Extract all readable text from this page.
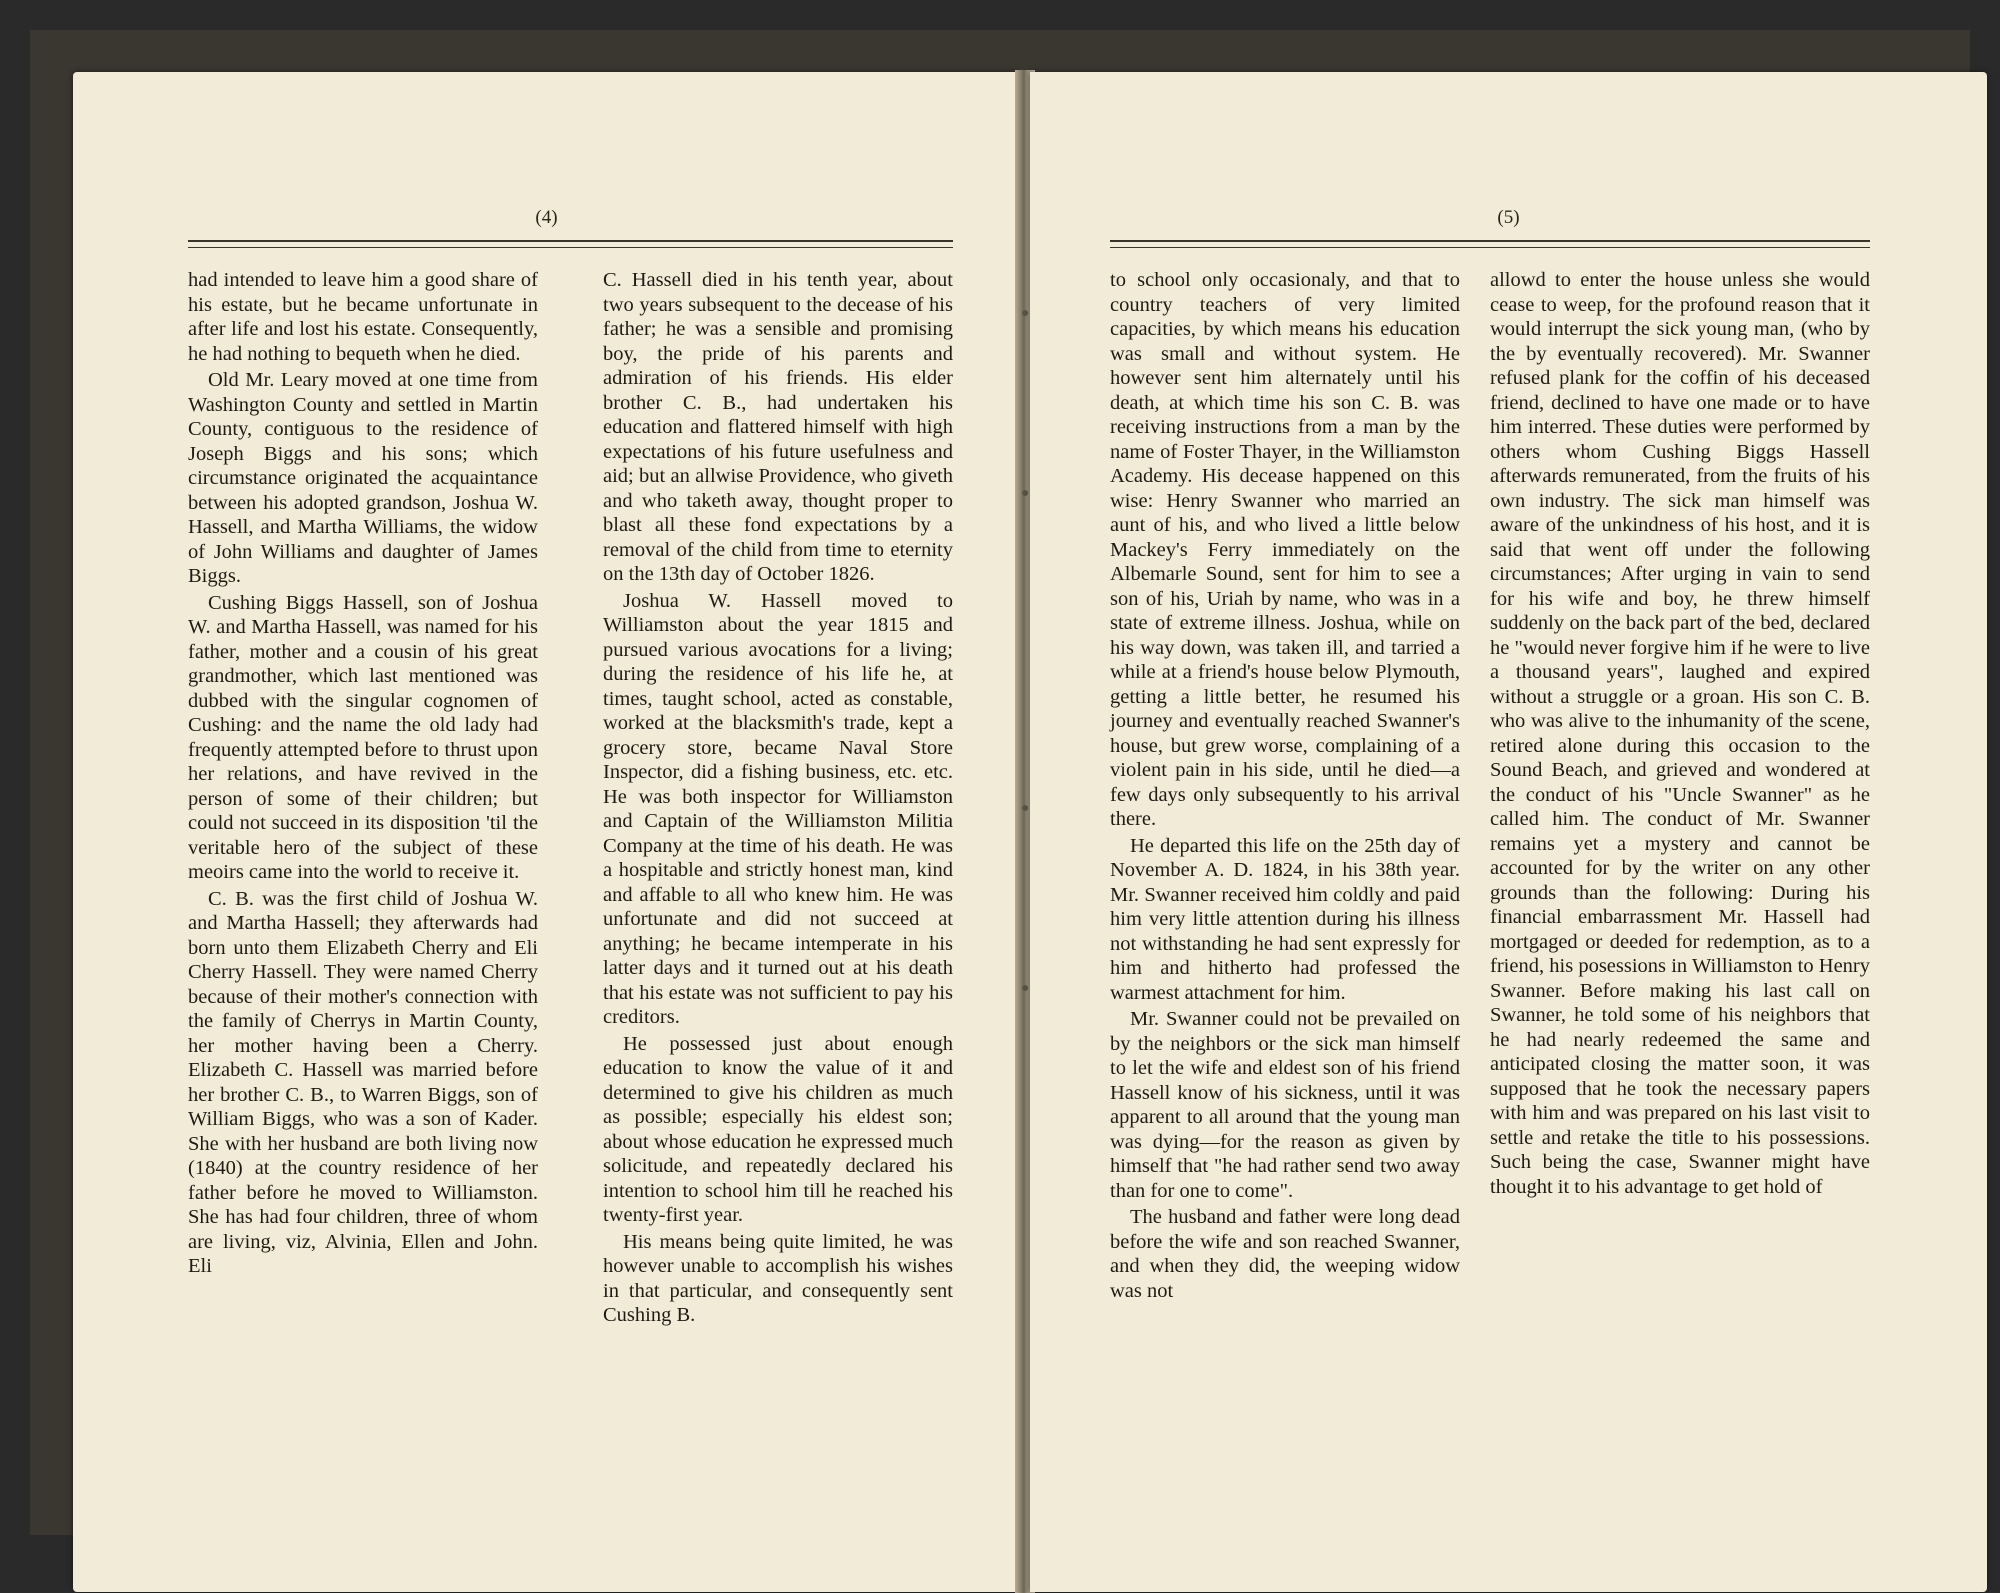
(4)

had intended to leave him a good share of his estate, but he became unfortunate in after life and lost his estate. Consequently, he had nothing to bequeth when he died.

Old Mr. Leary moved at one time from Washington County and settled in Martin County, contiguous to the residence of Joseph Biggs and his sons; which circumstance originated the acquaintance between his adopted grandson, Joshua W. Hassell, and Martha Williams, the widow of John Williams and daughter of James Biggs.

Cushing Biggs Hassell, son of Joshua W. and Martha Hassell, was named for his father, mother and a cousin of his great grandmother, which last mentioned was dubbed with the singular cognomen of Cushing: and the name the old lady had frequently attempted before to thrust upon her relations, and have revived in the person of some of their children; but could not succeed in its disposition 'til the veritable hero of the subject of these meoirs came into the world to receive it.

C. B. was the first child of Joshua W. and Martha Hassell; they afterwards had born unto them Elizabeth Cherry and Eli Cherry Hassell. They were named Cherry because of their mother's connection with the family of Cherrys in Martin County, her mother having been a Cherry. Elizabeth C. Hassell was married before her brother C. B., to Warren Biggs, son of William Biggs, who was a son of Kader. She with her husband are both living now (1840) at the country residence of her father before he moved to Williamston. She has had four children, three of whom are living, viz, Alvinia, Ellen and John. Eli

C. Hassell died in his tenth year, about two years subsequent to the decease of his father; he was a sensible and promising boy, the pride of his parents and admiration of his friends. His elder brother C. B., had undertaken his education and flattered himself with high expectations of his future usefulness and aid; but an allwise Providence, who giveth and who taketh away, thought proper to blast all these fond expectations by a removal of the child from time to eternity on the 13th day of October 1826.

Joshua W. Hassell moved to Williamston about the year 1815 and pursued various avocations for a living; during the residence of his life he, at times, taught school, acted as constable, worked at the blacksmith's trade, kept a grocery store, became Naval Store Inspector, did a fishing business, etc. etc. He was both inspector for Williamston and Captain of the Williamston Militia Company at the time of his death. He was a hospitable and strictly honest man, kind and affable to all who knew him. He was unfortunate and did not succeed at anything; he became intemperate in his latter days and it turned out at his death that his estate was not sufficient to pay his creditors.

He possessed just about enough education to know the value of it and determined to give his children as much as possible; especially his eldest son; about whose education he expressed much solicitude, and repeatedly declared his intention to school him till he reached his twenty-first year.

His means being quite limited, he was however unable to accomplish his wishes in that particular, and consequently sent Cushing B.

(5)

to school only occasionaly, and that to country teachers of very limited capacities, by which means his education was small and without system. He however sent him alternately until his death, at which time his son C. B. was receiving instructions from a man by the name of Foster Thayer, in the Williamston Academy. His decease happened on this wise: Henry Swanner who married an aunt of his, and who lived a little below Mackey's Ferry immediately on the Albemarle Sound, sent for him to see a son of his, Uriah by name, who was in a state of extreme illness. Joshua, while on his way down, was taken ill, and tarried a while at a friend's house below Plymouth, getting a little better, he resumed his journey and eventually reached Swanner's house, but grew worse, complaining of a violent pain in his side, until he died—a few days only subsequently to his arrival there.

He departed this life on the 25th day of November A. D. 1824, in his 38th year. Mr. Swanner received him coldly and paid him very little attention during his illness not withstanding he had sent expressly for him and hitherto had professed the warmest attachment for him.

Mr. Swanner could not be prevailed on by the neighbors or the sick man himself to let the wife and eldest son of his friend Hassell know of his sickness, until it was apparent to all around that the young man was dying—for the reason as given by himself that "he had rather send two away than for one to come".

The husband and father were long dead before the wife and son reached Swanner, and when they did, the weeping widow was not

allowd to enter the house unless she would cease to weep, for the profound reason that it would interrupt the sick young man, (who by the by eventually recovered). Mr. Swanner refused plank for the coffin of his deceased friend, declined to have one made or to have him interred. These duties were performed by others whom Cushing Biggs Hassell afterwards remunerated, from the fruits of his own industry. The sick man himself was aware of the unkindness of his host, and it is said that went off under the following circumstances; After urging in vain to send for his wife and boy, he threw himself suddenly on the back part of the bed, declared he "would never forgive him if he were to live a thousand years", laughed and expired without a struggle or a groan. His son C. B. who was alive to the inhumanity of the scene, retired alone during this occasion to the Sound Beach, and grieved and wondered at the conduct of his "Uncle Swanner" as he called him. The conduct of Mr. Swanner remains yet a mystery and cannot be accounted for by the writer on any other grounds than the following: During his financial embarrassment Mr. Hassell had mortgaged or deeded for redemption, as to a friend, his posessions in Williamston to Henry Swanner. Before making his last call on Swanner, he told some of his neighbors that he had nearly redeemed the same and anticipated closing the matter soon, it was supposed that he took the necessary papers with him and was prepared on his last visit to settle and retake the title to his possessions. Such being the case, Swanner might have thought it to his advantage to get hold of
